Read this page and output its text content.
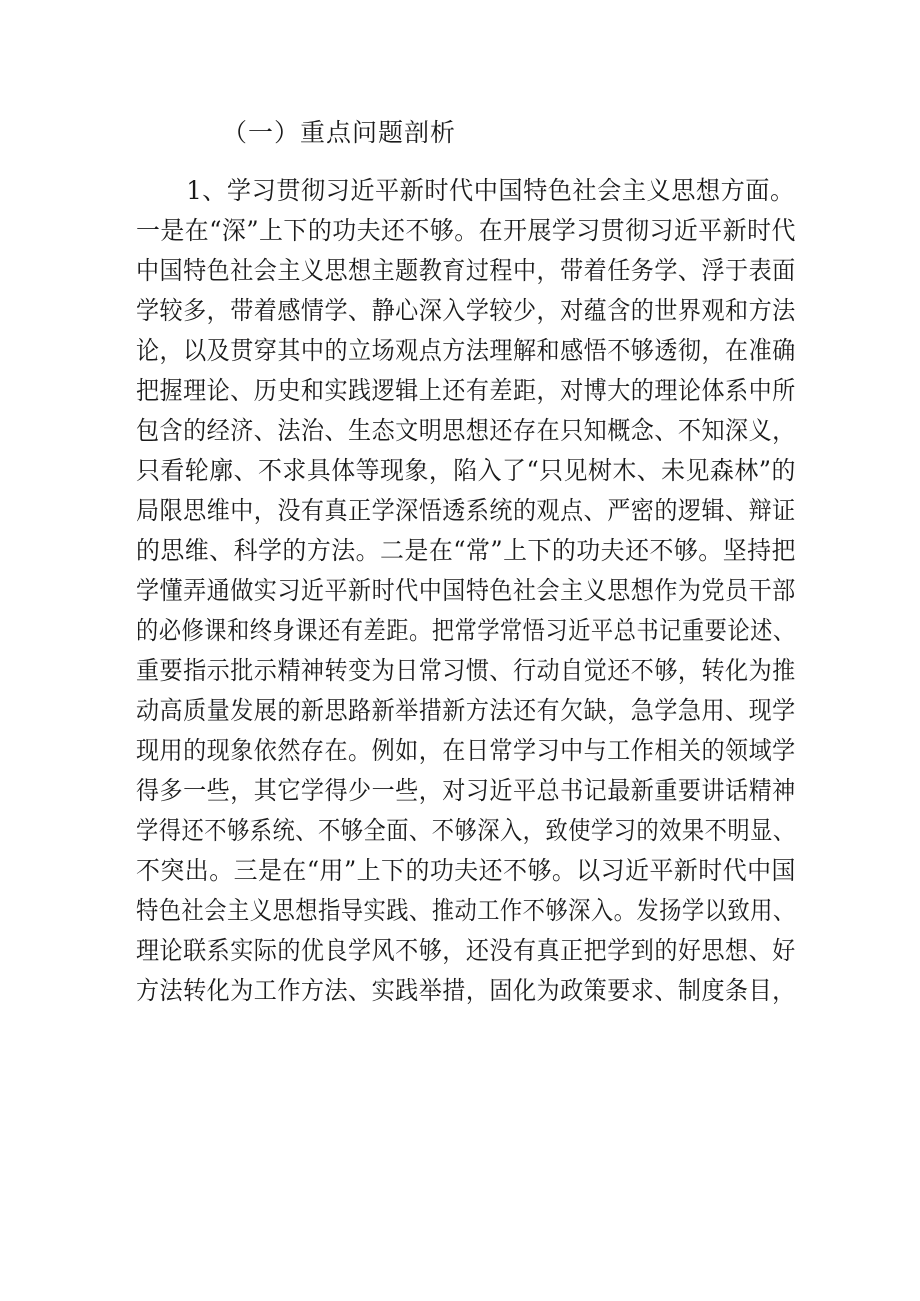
（一）重点问题剖析
1、学习贯彻习近平新时代中国特色社会主义思想方面。
一是在“深”上下的功夫还不够。在开展学习贯彻习近平新时代
中国特色社会主义思想主题教育过程中，带着任务学、浮于表面
学较多，带着感情学、静心深入学较少，对蕴含的世界观和方法
论，以及贯穿其中的立场观点方法理解和感悟不够透彻，在准确
把握理论、历史和实践逻辑上还有差距，对博大的理论体系中所
包含的经济、法治、生态文明思想还存在只知概念、不知深义，
只看轮廓、不求具体等现象，陷入了“只见树木、未见森林”的
局限思维中，没有真正学深悟透系统的观点、严密的逻辑、辩证
的思维、科学的方法。二是在“常”上下的功夫还不够。坚持把
学懂弄通做实习近平新时代中国特色社会主义思想作为党员干部
的必修课和终身课还有差距。把常学常悟习近平总书记重要论述、
重要指示批示精神转变为日常习惯、行动自觉还不够，转化为推
动高质量发展的新思路新举措新方法还有欠缺，急学急用、现学
现用的现象依然存在。例如，在日常学习中与工作相关的领域学
得多一些，其它学得少一些，对习近平总书记最新重要讲话精神
学得还不够系统、不够全面、不够深入，致使学习的效果不明显、
不突出。三是在“用”上下的功夫还不够。以习近平新时代中国
特色社会主义思想指导实践、推动工作不够深入。发扬学以致用、
理论联系实际的优良学风不够，还没有真正把学到的好思想、好
方法转化为工作方法、实践举措，固化为政策要求、制度条目，
